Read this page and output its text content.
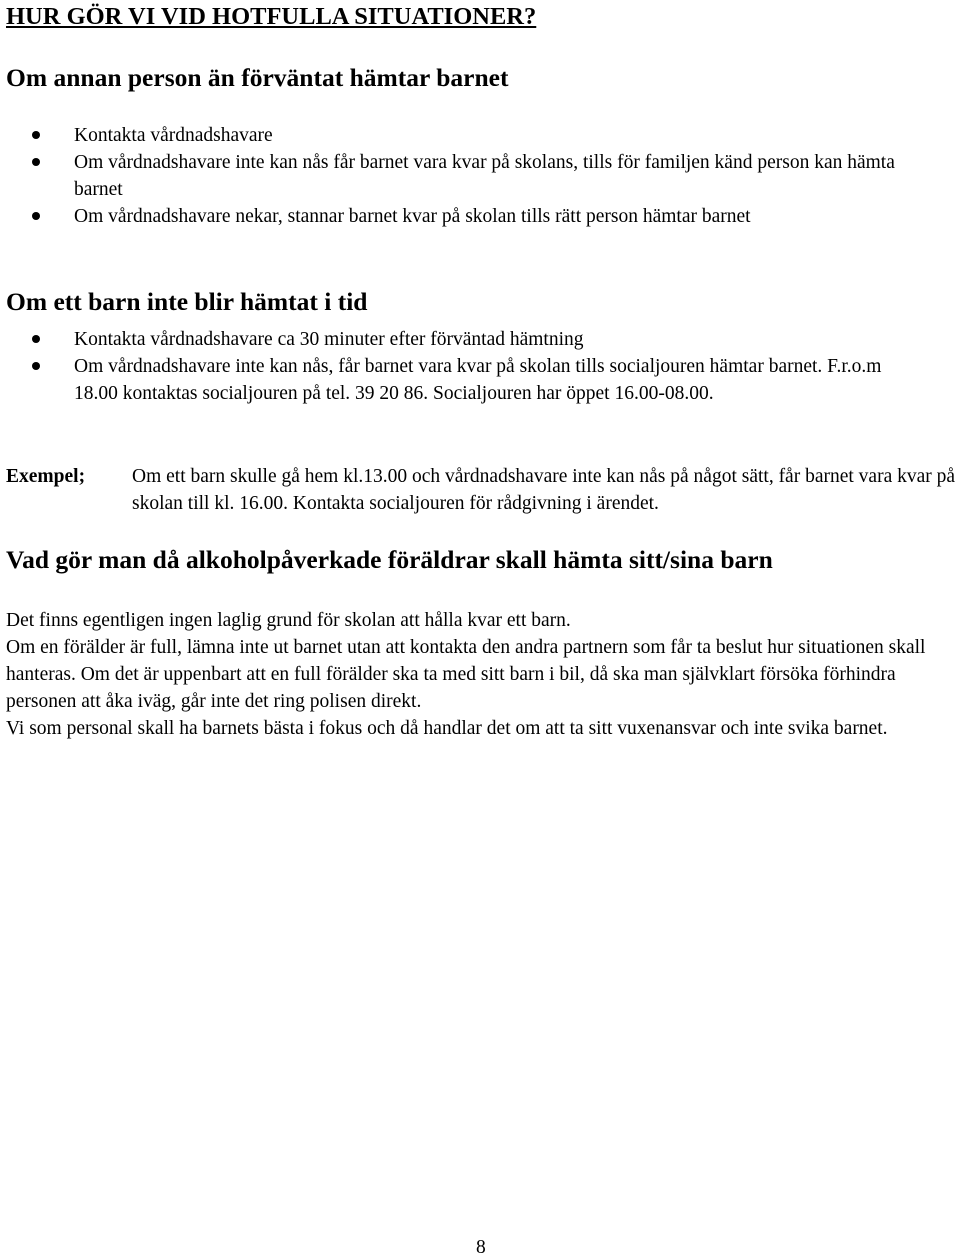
HUR GÖR VI VID HOTFULLA SITUATIONER?
Om annan person än förväntat hämtar barnet
Kontakta vårdnadshavare
Om vårdnadshavare inte kan nås får barnet vara kvar på skolans, tills för familjen känd person kan hämta barnet
Om vårdnadshavare nekar, stannar barnet kvar på skolan tills rätt person hämtar barnet
Om ett barn inte blir hämtat i tid
Kontakta vårdnadshavare ca 30 minuter efter förväntad hämtning
Om vårdnadshavare inte kan nås, får barnet vara kvar på skolan tills socialjouren hämtar barnet. F.r.o.m 18.00 kontaktas socialjouren på tel. 39 20 86. Socialjouren har öppet 16.00-08.00.
Exempel; Om ett barn skulle gå hem kl.13.00 och vårdnadshavare inte kan nås på något sätt, får barnet vara kvar på skolan till kl. 16.00. Kontakta socialjouren för rådgivning i ärendet.
Vad gör man då alkoholpåverkade föräldrar skall hämta sitt/sina barn

Det finns egentligen ingen laglig grund för skolan att hålla kvar ett barn.

Om en förälder är full, lämna inte ut barnet utan att kontakta den andra partnern som får ta beslut hur situationen skall hanteras. Om det är uppenbart att en full förälder ska ta med sitt barn i bil, då ska man självklart försöka förhindra personen att åka iväg, går inte det ring polisen direkt.

Vi som personal skall ha barnets bästa i fokus och då handlar det om att ta sitt vuxenansvar och inte svika barnet.

8
